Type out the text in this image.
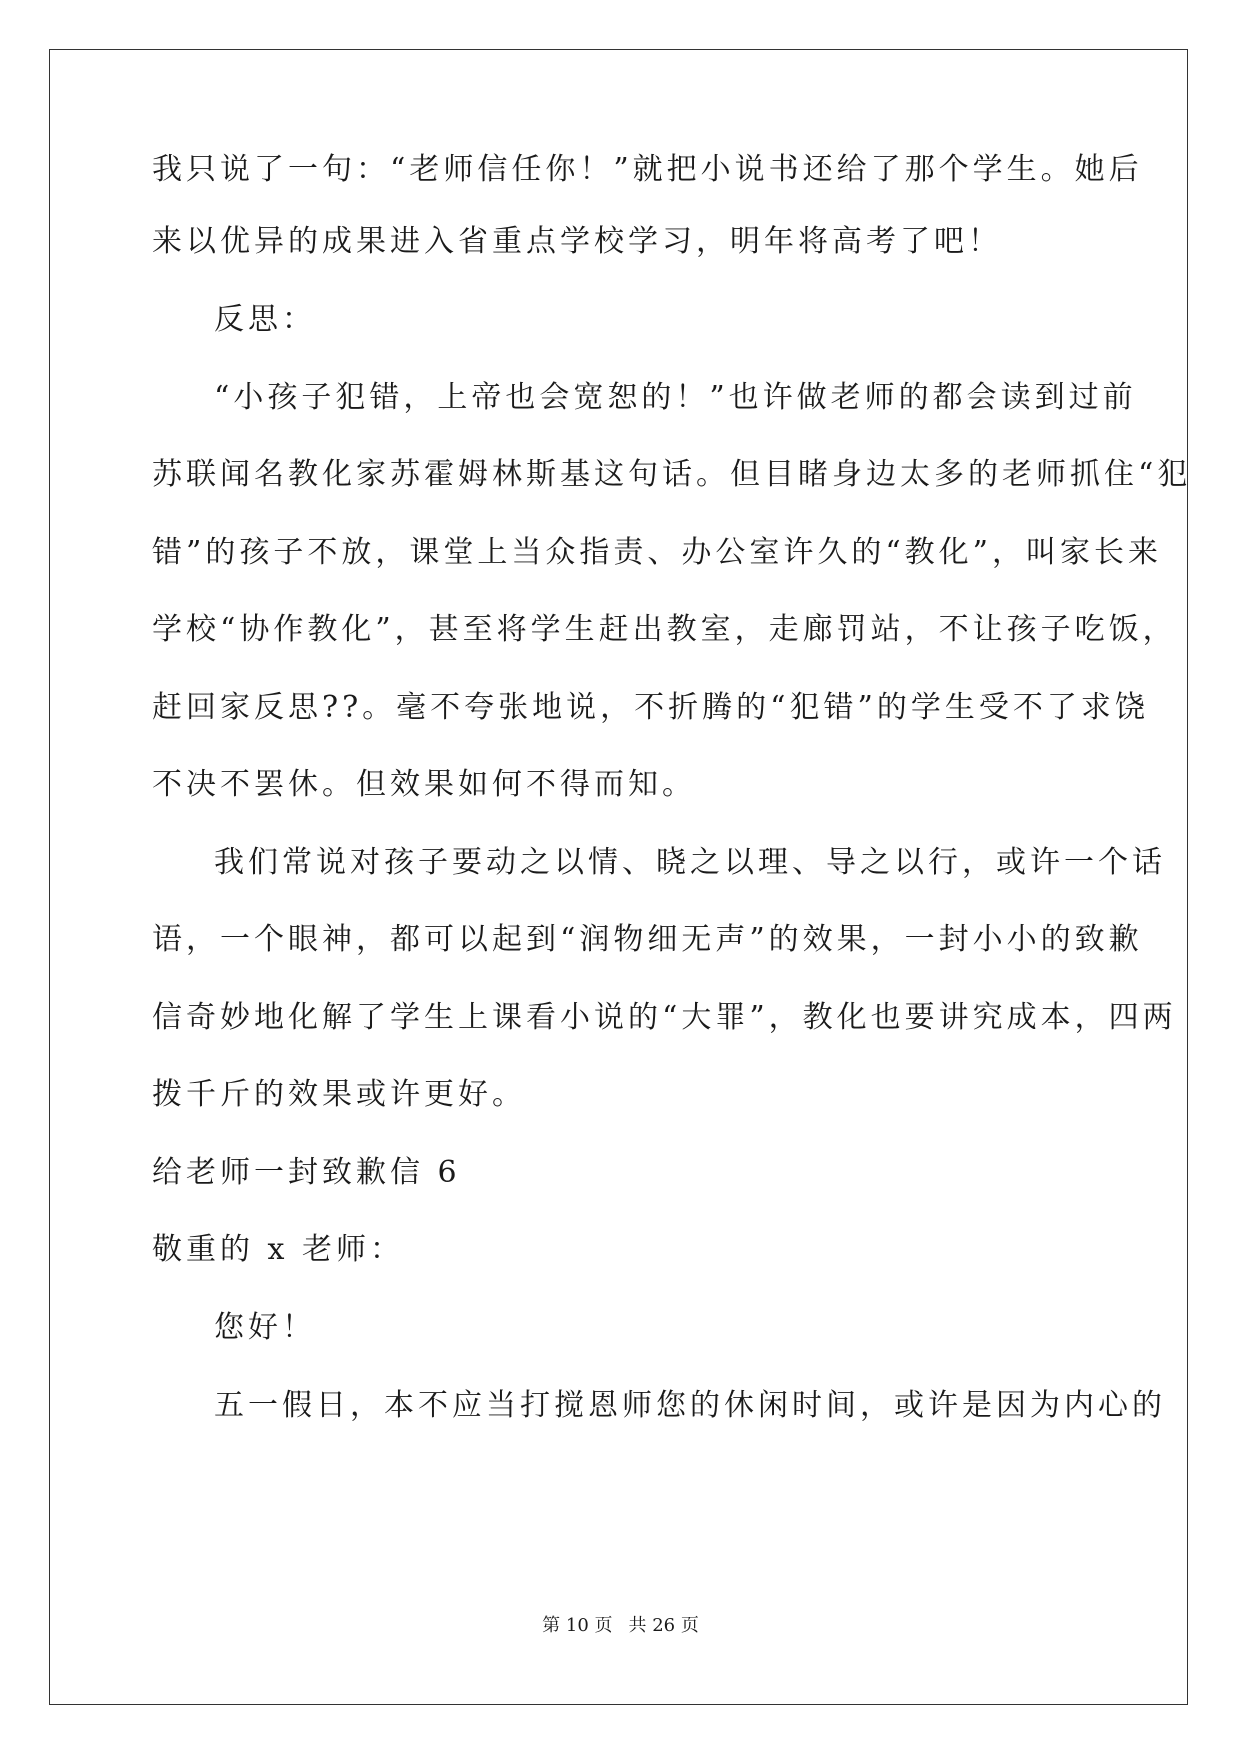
我只说了一句：“老师信任你！”就把小说书还给了那个学生。她后
来以优异的成果进入省重点学校学习，明年将高考了吧！
反思：
“小孩子犯错，上帝也会宽恕的！”也许做老师的都会读到过前
苏联闻名教化家苏霍姆林斯基这句话。但目睹身边太多的老师抓住“犯
错”的孩子不放，课堂上当众指责、办公室许久的“教化”，叫家长来
学校“协作教化”，甚至将学生赶出教室，走廊罚站，不让孩子吃饭，
赶回家反思??。毫不夸张地说，不折腾的“犯错”的学生受不了求饶
不决不罢休。但效果如何不得而知。
我们常说对孩子要动之以情、晓之以理、导之以行，或许一个话
语，一个眼神，都可以起到“润物细无声”的效果，一封小小的致歉
信奇妙地化解了学生上课看小说的“大罪”，教化也要讲究成本，四两
拨千斤的效果或许更好。
给老师一封致歉信 6
敬重的 x 老师：
您好！
五一假日，本不应当打搅恩师您的休闲时间，或许是因为内心的
第 10 页 共 26 页
